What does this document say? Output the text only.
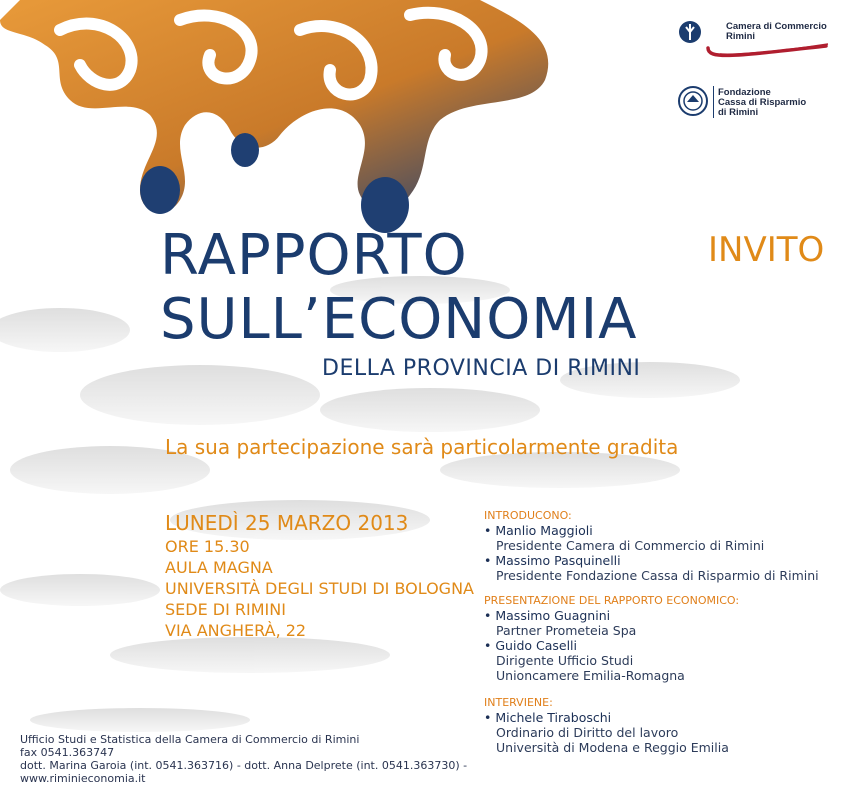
Camera di Commercio
Rimini
Fondazione
Cassa di Risparmio
di Rimini
RAPPORTO
SULL’ECONOMIA
DELLA PROVINCIA DI RIMINI
INVITO
La sua partecipazione sarà particolarmente gradita
LUNEDÌ 25 MARZO 2013
ORE 15.30
AULA MAGNA
UNIVERSITÀ DEGLI STUDI DI BOLOGNA
SEDE DI RIMINI
VIA ANGHERÀ, 22
INTRODUCONO:
• Manlio Maggioli
Presidente Camera di Commercio di Rimini
• Massimo Pasquinelli
Presidente Fondazione Cassa di Risparmio di Rimini
PRESENTAZIONE DEL RAPPORTO ECONOMICO:
• Massimo Guagnini
Partner Prometeia Spa
• Guido Caselli
Dirigente Ufficio Studi
Unioncamere Emilia-Romagna
INTERVIENE:
• Michele Tiraboschi
Ordinario di Diritto del lavoro
Università di Modena e Reggio Emilia
Ufficio Studi e Statistica della Camera di Commercio di Rimini
fax 0541.363747
dott. Marina Garoia (int. 0541.363716) - dott. Anna Delprete (int. 0541.363730) -
www.riminieconomia.it
